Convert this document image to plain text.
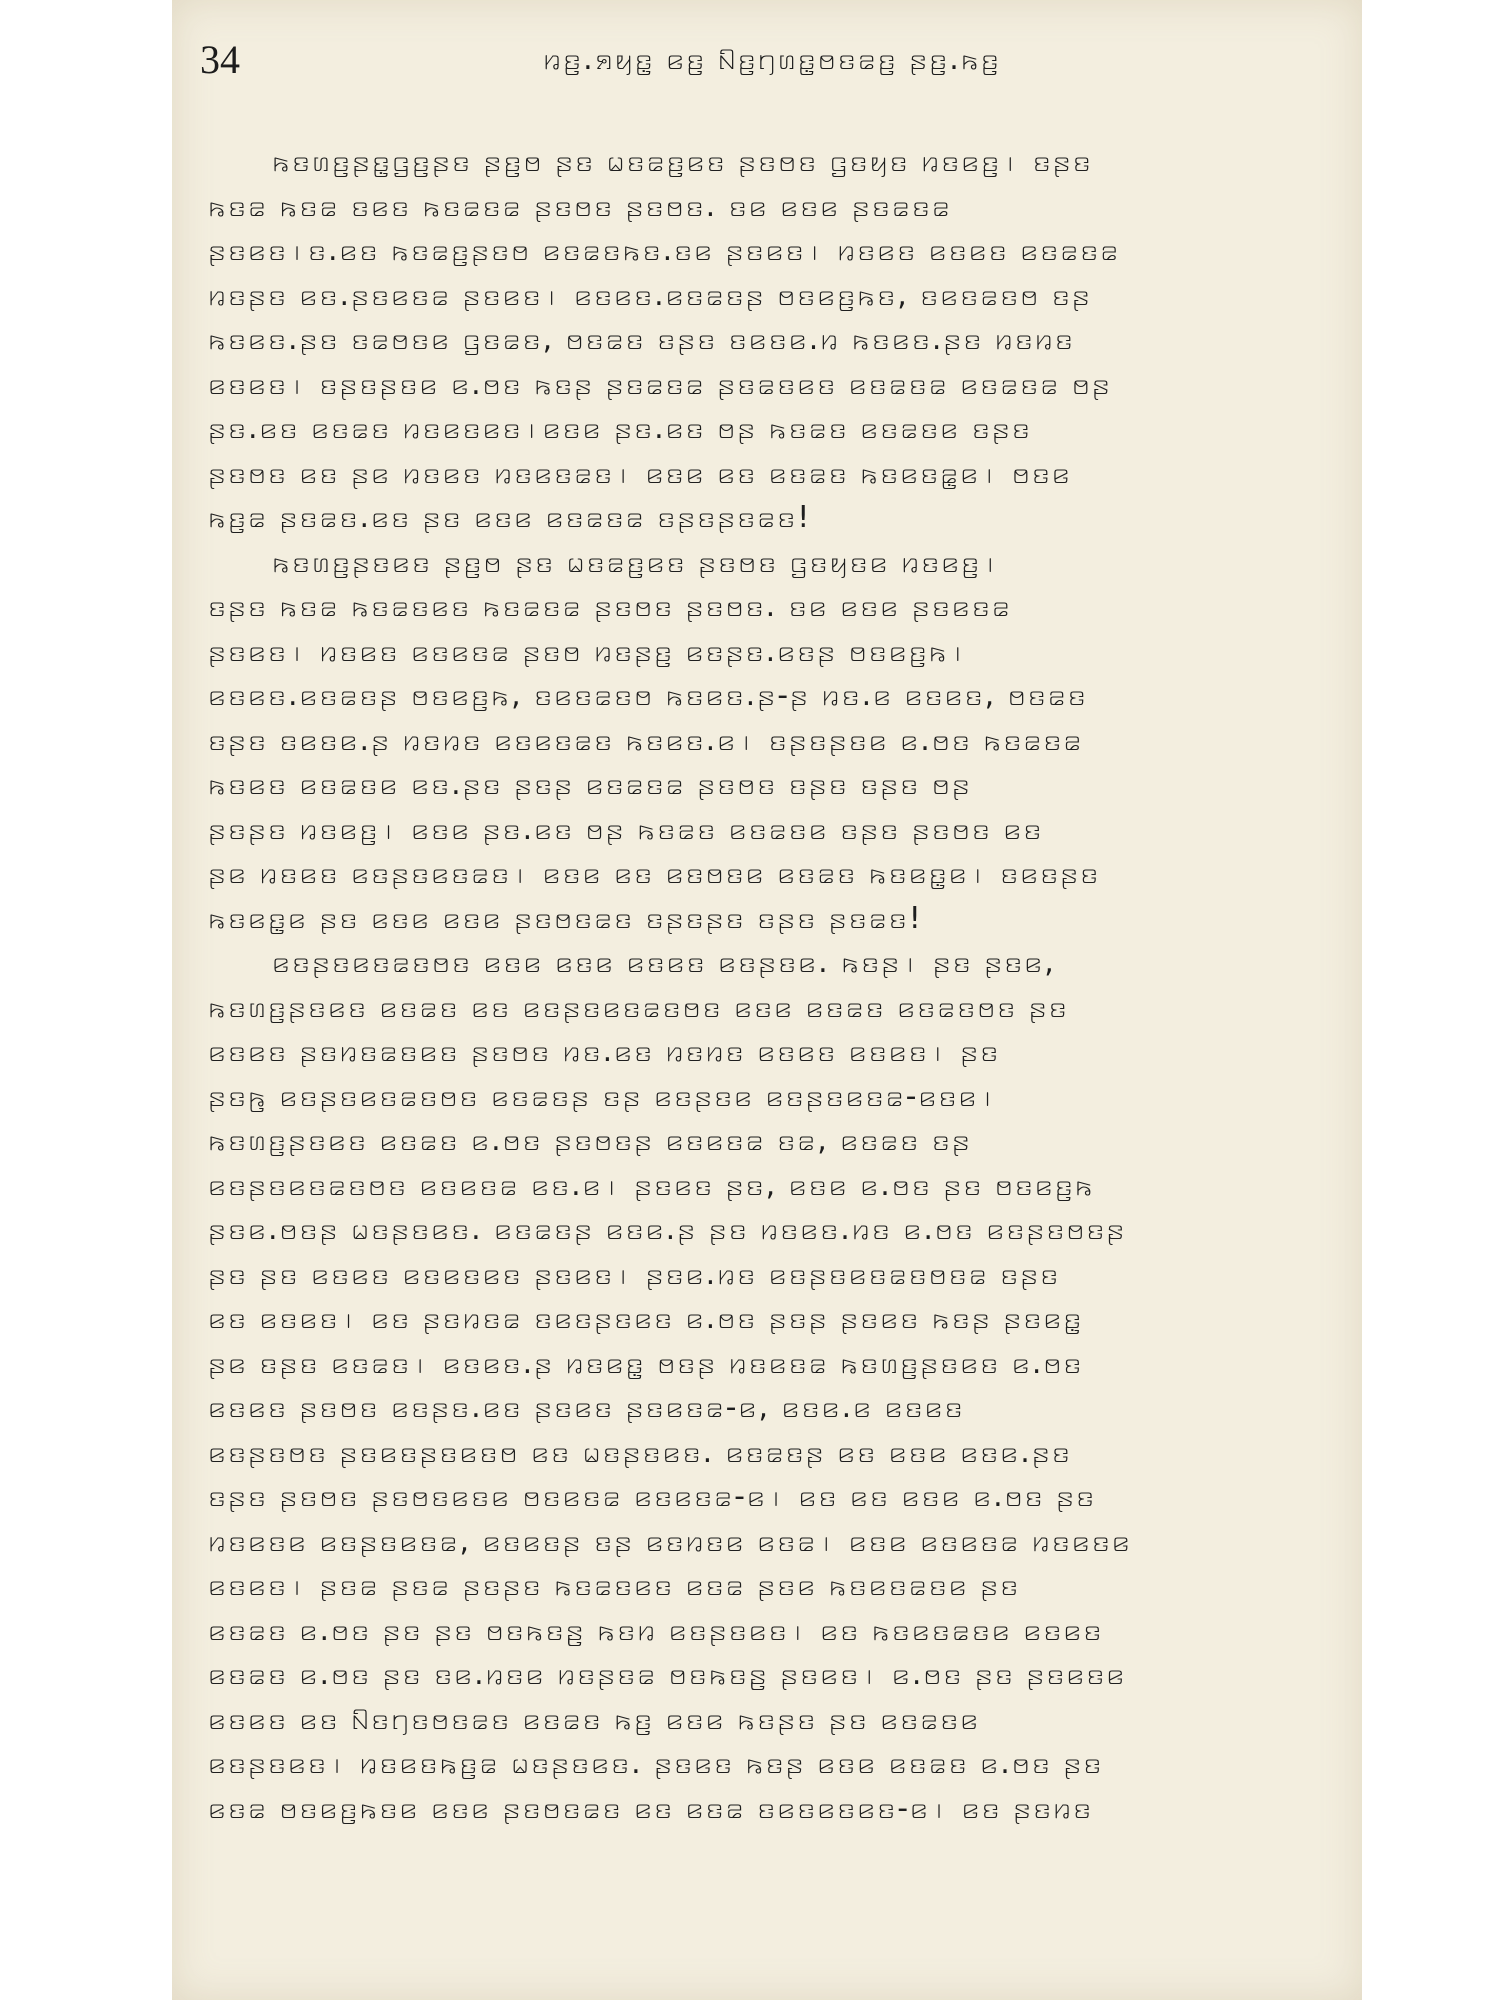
34	ꤙꤢ꤬.ꤎꤟꤢ꤭ ꤕꤢ꤬ ꤡꤢ꤬ꤚꤛꤢ꤭ꤥꤢꤘꤢ꤬ ꤔꤢ꤬.ꤒꤢ꤬
ꤒꤢꤛꤢ꤬ꤔꤢ꤭ꤞꤢ꤬ꤔꤢ ꤔꤢ꤬ꤥ ꤔꤢ ꤗꤢꤘꤢ꤬ꤕꤢ ꤔꤢꤥꤢ ꤞꤢꤟꤢ ꤙꤢꤕꤢ꤬꤯ ꤢꤔꤢ
ꤒꤢꤘ ꤒꤢꤘ ꤢꤕꤢ ꤒꤢꤘꤢꤘ ꤔꤢꤥꤢ ꤔꤢꤥꤢ. ꤢꤕ ꤕꤢꤕ ꤔꤢꤘꤢꤘ
ꤔꤢꤕꤢ꤯ꤢ.ꤕꤢ ꤒꤢꤘꤢ꤬ꤔꤢꤥ ꤕꤢꤘꤢꤒꤢ.ꤢꤕ ꤔꤢꤕꤢ꤯ ꤙꤢꤕꤢ ꤕꤢꤕꤢ ꤕꤢꤘꤢꤘ
ꤙꤢꤔꤢ ꤕꤢ.ꤔꤢꤕꤢꤘ ꤔꤢꤕꤢ꤯ ꤕꤢꤕꤢ.ꤕꤢꤘꤢꤔ ꤥꤢꤕꤢ꤬ꤒꤢ, ꤢꤕꤢꤘꤢꤥ ꤢꤔ
ꤒꤢꤕꤢ.ꤔꤢ ꤢꤘꤥꤢꤕ ꤞꤢꤘꤢ, ꤥꤢꤘꤢ ꤢꤔꤢ ꤢꤕꤢꤕ.ꤙ ꤒꤢꤕꤢ.ꤔꤢ ꤙꤢꤙꤢ
ꤕꤢꤕꤢ꤯ ꤢꤔꤢꤔꤢꤕ ꤕ.ꤥꤢ ꤒꤢꤔ ꤔꤢꤘꤢꤘ ꤔꤢꤘꤢꤕꤢ ꤕꤢꤘꤢꤘ ꤕꤢꤘꤢꤘ ꤥꤔ
ꤔꤢ.ꤕꤢ ꤕꤢꤘꤢ ꤙꤢꤕꤢꤕꤢ꤯ꤕꤢꤕ ꤔꤢ.ꤕꤢ ꤥꤔ ꤒꤢꤘꤢ ꤕꤢꤘꤢꤕ ꤢꤔꤢ
ꤔꤢꤥꤢ ꤕꤢ ꤔꤕ ꤙꤢꤕꤢ ꤙꤢꤕꤢꤘꤢ꤯ ꤕꤢꤕ ꤕꤢ ꤕꤢꤘꤢ ꤒꤢꤕꤢꤘ꤭ꤕ꤯ ꤥꤢꤕ
ꤒꤢ꤬ꤘ ꤔꤢꤘꤢ.ꤕꤢ ꤔꤢ ꤕꤢꤕ ꤕꤢꤘꤢꤘ ꤢꤔꤢꤔꤢꤘꤢ!
ꤒꤢꤛꤢ꤬ꤔꤢꤕꤢ ꤔꤢ꤬ꤥ ꤔꤢ ꤗꤢꤘꤢ꤬ꤕꤢ ꤔꤢꤥꤢ ꤞꤢꤟꤢꤕ ꤙꤢꤕꤢ꤬꤯
ꤢꤔꤢ ꤒꤢꤘ ꤒꤢꤘꤢꤕꤢ ꤒꤢꤘꤢꤘ ꤔꤢꤥꤢ ꤔꤢꤥꤢ. ꤢꤕ ꤕꤢꤕ ꤔꤢꤕꤢꤘ
ꤔꤢꤕꤢ꤯ ꤙꤢꤕꤢ ꤕꤢꤕꤢꤘ ꤔꤢꤥ ꤙꤢꤔꤢ꤬ ꤕꤢꤔꤢ.ꤕꤢꤔ ꤥꤢꤕꤢ꤬ꤒ꤯
ꤕꤢꤕꤢ.ꤕꤢꤘꤢꤔ ꤥꤢꤕꤢ꤬ꤒ, ꤢꤕꤢꤘꤢꤥ ꤒꤢꤕꤢ.ꤔ-ꤔ ꤙꤢ.ꤕ ꤕꤢꤕꤢ, ꤥꤢꤘꤢ
ꤢꤔꤢ ꤢꤕꤢꤕ.ꤔ ꤙꤢꤙꤢ ꤕꤢꤕꤢꤘꤢ ꤒꤢꤕꤢ.ꤕ꤯ ꤢꤔꤢꤔꤢꤕ ꤕ.ꤥꤢ ꤒꤢꤘꤢꤘ
ꤒꤢꤕꤢ ꤕꤢꤘꤢꤕ ꤕꤢ.ꤔꤢ ꤔꤢꤔ ꤕꤢꤘꤢꤘ ꤔꤢꤥꤢ ꤢꤔꤢ ꤢꤔꤢ ꤥꤔ
ꤔꤢꤔꤢ ꤙꤢꤕꤢ꤬꤯ ꤕꤢꤕ ꤔꤢ.ꤕꤢ ꤥꤔ ꤒꤢꤘꤢ ꤕꤢꤘꤢꤕ ꤢꤔꤢ ꤔꤢꤥꤢ ꤕꤢ
ꤔꤕ ꤙꤢꤕꤢ ꤕꤢꤔꤢꤕꤢꤘꤢ꤯ ꤕꤢꤕ ꤕꤢ ꤕꤢꤥꤢꤕ ꤕꤢꤘꤢ ꤒꤢꤕꤢ꤭ꤕ꤯ ꤢꤕꤢꤔꤢ
ꤒꤢꤕꤢ꤭ꤕ ꤔꤢ ꤕꤢꤕ ꤕꤢꤕ ꤔꤢꤥꤢꤘꤢ ꤢꤔꤢꤔꤢ ꤢꤔꤢ ꤔꤢꤘꤢ!
ꤕꤢꤔꤢꤕꤢꤘꤢꤥꤢ ꤕꤢꤕ ꤕꤢꤕ ꤕꤢꤕꤢ ꤕꤢꤔꤢꤕ. ꤒꤢꤔ꤯ ꤔꤢ ꤔꤢꤕ,
ꤒꤢꤛꤢ꤬ꤔꤢꤕꤢ ꤕꤢꤘꤢ ꤕꤢ ꤕꤢꤔꤢꤕꤢꤘꤢꤥꤢ ꤕꤢꤕ ꤕꤢꤘꤢ ꤕꤢꤘꤢꤥꤢ ꤔꤢ
ꤕꤢꤕꤢ ꤔꤢꤙꤢꤘꤢꤕꤢ ꤔꤢꤥꤢ ꤙꤢ.ꤕꤢ ꤙꤢꤙꤢ ꤕꤢꤕꤢ ꤕꤢꤕꤢ꤯ ꤔꤢ
ꤔꤢꤒ꤬ ꤕꤢꤔꤢꤕꤢꤘꤢꤥꤢ ꤕꤢꤘꤢꤔ ꤢꤔ ꤕꤢꤔꤢꤕ ꤕꤢꤔꤢꤕꤢꤘ-ꤕꤢꤕ꤯
ꤒꤢꤛꤢ꤬ꤔꤢꤕꤢ ꤕꤢꤘꤢ ꤕ.ꤥꤢ ꤔꤢꤥꤢꤔ ꤕꤢꤕꤢꤘ ꤢꤘ, ꤕꤢꤘꤢ ꤢꤔ
ꤕꤢꤔꤢꤕꤢꤘꤢꤥꤢ ꤕꤢꤕꤢꤘ ꤕꤢ.ꤕ꤯ ꤔꤢꤕꤢ ꤔꤢ, ꤕꤢꤕ ꤕ.ꤥꤢ ꤔꤢ ꤥꤢꤕꤢ꤬ꤒ
ꤔꤢꤕ.ꤥꤢꤔ ꤗꤢꤔꤢꤕꤢ. ꤕꤢꤘꤢꤔ ꤕꤢꤕ.ꤔ ꤔꤢ ꤙꤢꤕꤢ.ꤙꤢ ꤕ.ꤥꤢ ꤕꤢꤔꤢꤥꤢꤔ
ꤔꤢ ꤔꤢ ꤕꤢꤕꤢ ꤕꤢꤕꤢꤕꤢ ꤔꤢꤕꤢ꤯ ꤔꤢꤕ.ꤙꤢ ꤕꤢꤔꤢꤕꤢꤘꤢꤥꤢꤘ ꤢꤔꤢ
ꤕꤢ ꤕꤢꤕꤢ꤯ ꤕꤢ ꤔꤢꤙꤢꤘ ꤢꤕꤢꤔꤢꤕꤢ ꤕ.ꤥꤢ ꤔꤢꤔ ꤔꤢꤕꤢ ꤒꤢꤔ ꤔꤢꤕꤢ꤭
ꤔꤕ ꤢꤔꤢ ꤕꤢꤘꤢ꤯ ꤕꤢꤕꤢ.ꤔ ꤙꤢꤕꤢ꤭ ꤥꤢꤔ ꤙꤢꤕꤢꤘ ꤒꤢꤛꤢ꤬ꤔꤢꤕꤢ ꤕ.ꤥꤢ
ꤕꤢꤕꤢ ꤔꤢꤥꤢ ꤕꤢꤔꤢ.ꤕꤢ ꤔꤢꤕꤢ ꤔꤢꤕꤢꤘ-ꤕ, ꤕꤢꤕ.ꤕ ꤕꤢꤕꤢ
ꤕꤢꤔꤢꤥꤢ ꤔꤢꤕꤢꤔꤢꤕꤢꤥ ꤕꤢ ꤗꤢꤔꤢꤕꤢ. ꤕꤢꤘꤢꤔ ꤕꤢ ꤕꤢꤕ ꤕꤢꤕ.ꤔꤢ
ꤢꤔꤢ ꤔꤢꤥꤢ ꤔꤢꤥꤢꤕꤢꤕ ꤥꤢꤕꤢꤘ ꤕꤢꤕꤢꤘ-ꤕ꤯ ꤕꤢ ꤕꤢ ꤕꤢꤕ ꤕ.ꤥꤢ ꤔꤢ
ꤙꤢꤕꤢꤕ ꤕꤢꤔꤢꤕꤢꤘ, ꤕꤢꤕꤢꤔ ꤢꤔ ꤕꤢꤙꤢꤕ ꤕꤢꤘ꤯ ꤕꤢꤕ ꤕꤢꤕꤢꤘ ꤙꤢꤕꤢꤕ
ꤕꤢꤕꤢ꤯ ꤔꤢꤘ ꤔꤢꤘ ꤔꤢꤔꤢ ꤒꤢꤘꤢꤕꤢ ꤕꤢꤘ ꤔꤢꤕ ꤒꤢꤕꤢꤘꤢꤕ ꤔꤢ
ꤕꤢꤘꤢ ꤕ.ꤥꤢ ꤔꤢ ꤔꤢ ꤥꤢꤒꤢꤔ꤬ ꤒꤢꤙ ꤕꤢꤔꤢꤕꤢ꤯ ꤕꤢ ꤒꤢꤕꤢꤘꤢꤕ ꤕꤢꤕꤢ
ꤕꤢꤘꤢ ꤕ.ꤥꤢ ꤔꤢ ꤢꤕ.ꤙꤢꤕ ꤙꤢꤔꤢꤘ ꤥꤢꤒꤢꤔ꤬ ꤔꤢꤕꤢ꤯ ꤕ.ꤥꤢ ꤔꤢ ꤔꤢꤕꤢꤕ
ꤕꤢꤕꤢ ꤕꤢ ꤡꤢꤚꤢꤥꤢꤘꤢ ꤕꤢꤘꤢ ꤒꤢ꤬ ꤕꤢꤕ ꤒꤢꤔꤢ ꤔꤢ ꤕꤢꤘꤢꤕ
ꤕꤢꤔꤢꤕꤢ꤯ ꤙꤢꤕꤢꤒꤢ꤬ꤘ ꤗꤢꤔꤢꤕꤢ. ꤔꤢꤕꤢ ꤒꤢꤔ ꤕꤢꤕ ꤕꤢꤘꤢ ꤕ.ꤥꤢ ꤔꤢ
ꤕꤢꤘ ꤥꤢꤕꤢ꤬ꤒꤢꤕ ꤕꤢꤕ ꤔꤢꤥꤢꤘꤢ ꤕꤢ ꤕꤢꤘ ꤢꤕꤢꤕꤢꤕꤢ-ꤕ꤯ ꤕꤢ ꤔꤢꤙꤢ
